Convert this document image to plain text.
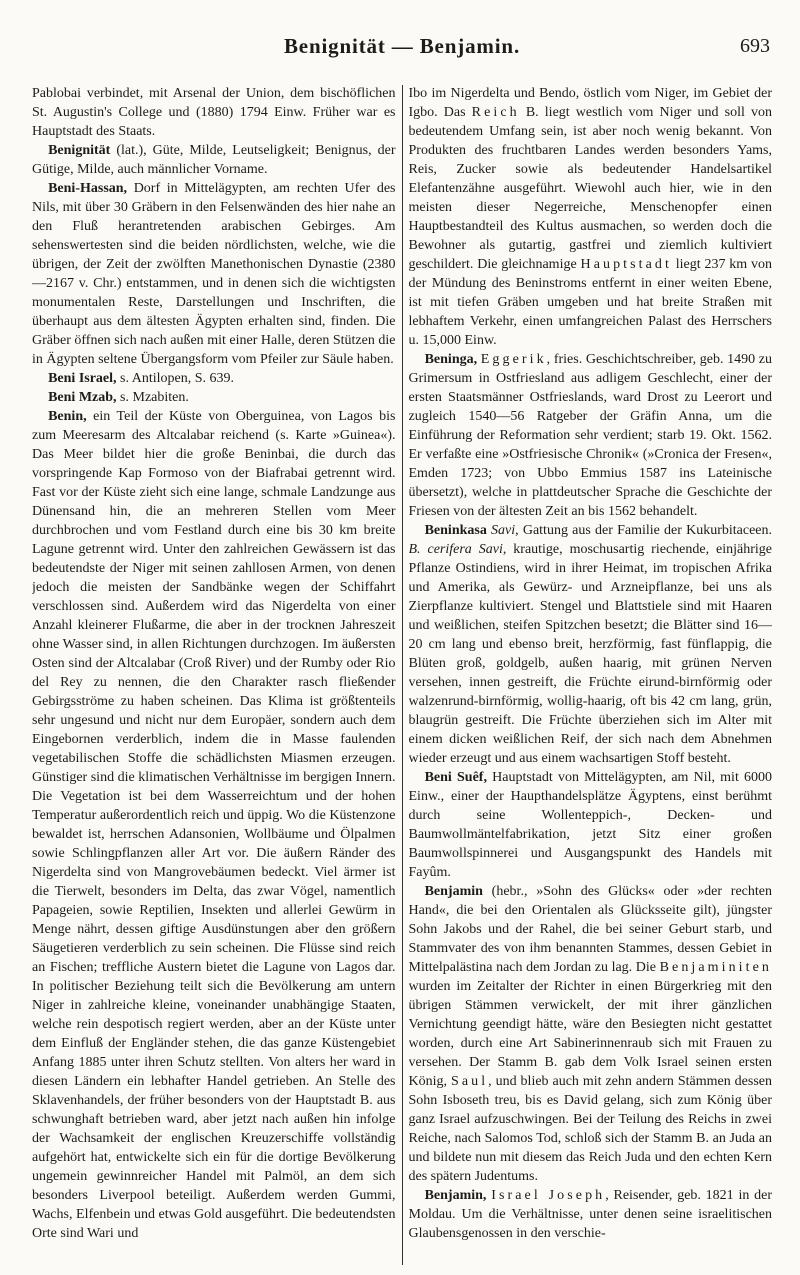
Benignität — Benjamin.	693

Pablobai verbindet, mit Arsenal der Union, dem bischöflichen St. Augustin's College und (1880) 1794 Einw. Früher war es Hauptstadt des Staats.

Benignität (lat.), Güte, Milde, Leutseligkeit; Benignus, der Gütige, Milde, auch männlicher Vorname.

Beni-Hassan, Dorf in Mittelägypten, am rechten Ufer des Nils, mit über 30 Gräbern in den Felsenwänden des hier nahe an den Fluß herantretenden arabischen Gebirges. Am sehenswertesten sind die beiden nördlichsten, welche, wie die übrigen, der Zeit der zwölften Manethonischen Dynastie (2380—2167 v. Chr.) entstammen, und in denen sich die wichtigsten monumentalen Reste, Darstellungen und Inschriften, die überhaupt aus dem ältesten Ägypten erhalten sind, finden. Die Gräber öffnen sich nach außen mit einer Halle, deren Stützen die in Ägypten seltene Übergangsform vom Pfeiler zur Säule haben.

Beni Israel, s. Antilopen, S. 639.

Beni Mzab, s. Mzabiten.

Benin, ein Teil der Küste von Oberguinea, von Lagos bis zum Meeresarm des Altcalabar reichend (s. Karte »Guinea«). Das Meer bildet hier die große Beninbai, die durch das vorspringende Kap Formoso von der Biafrabai getrennt wird. Fast vor der Küste zieht sich eine lange, schmale Landzunge aus Dünensand hin, die an mehreren Stellen vom Meer durchbrochen und vom Festland durch eine bis 30 km breite Lagune getrennt wird. Unter den zahlreichen Gewässern ist das bedeutendste der Niger mit seinen zahllosen Armen, von denen jedoch die meisten der Sandbänke wegen der Schiffahrt verschlossen sind. Außerdem wird das Nigerdelta von einer Anzahl kleinerer Flußarme, die aber in der trocknen Jahreszeit ohne Wasser sind, in allen Richtungen durchzogen. Im äußersten Osten sind der Altcalabar (Croß River) und der Rumby oder Rio del Rey zu nennen, die den Charakter rasch fließender Gebirgsströme zu haben scheinen. Das Klima ist größtenteils sehr ungesund und nicht nur dem Europäer, sondern auch dem Eingebornen verderblich, indem die in Masse faulenden vegetabilischen Stoffe die schädlichsten Miasmen erzeugen. Günstiger sind die klimatischen Verhältnisse im bergigen Innern. Die Vegetation ist bei dem Wasserreichtum und der hohen Temperatur außerordentlich reich und üppig. Wo die Küstenzone bewaldet ist, herrschen Adansonien, Wollbäume und Ölpalmen sowie Schlingpflanzen aller Art vor. Die äußern Ränder des Nigerdelta sind von Mangrovebäumen bedeckt. Viel ärmer ist die Tierwelt, besonders im Delta, das zwar Vögel, namentlich Papageien, sowie Reptilien, Insekten und allerlei Gewürm in Menge nährt, dessen giftige Ausdünstungen aber den größern Säugetieren verderblich zu sein scheinen. Die Flüsse sind reich an Fischen; treffliche Austern bietet die Lagune von Lagos dar. In politischer Beziehung teilt sich die Bevölkerung am untern Niger in zahlreiche kleine, voneinander unabhängige Staaten, welche rein despotisch regiert werden, aber an der Küste unter dem Einfluß der Engländer stehen, die das ganze Küstengebiet Anfang 1885 unter ihren Schutz stellten. Von alters her ward in diesen Ländern ein lebhafter Handel getrieben. An Stelle des Sklavenhandels, der früher besonders von der Hauptstadt B. aus schwunghaft betrieben ward, aber jetzt nach außen hin infolge der Wachsamkeit der englischen Kreuzerschiffe vollständig aufgehört hat, entwickelte sich ein für die dortige Bevölkerung ungemein gewinnreicher Handel mit Palmöl, an dem sich besonders Liverpool beteiligt. Außerdem werden Gummi, Wachs, Elfenbein und etwas Gold ausgeführt. Die bedeutendsten Orte sind Wari und

Ibo im Nigerdelta und Bendo, östlich vom Niger, im Gebiet der Igbo. Das Reich B. liegt westlich vom Niger und soll von bedeutendem Umfang sein, ist aber noch wenig bekannt. Von Produkten des fruchtbaren Landes werden besonders Yams, Reis, Zucker sowie als bedeutender Handelsartikel Elefantenzähne ausgeführt. Wiewohl auch hier, wie in den meisten dieser Negerreiche, Menschenopfer einen Hauptbestandteil des Kultus ausmachen, so werden doch die Bewohner als gutartig, gastfrei und ziemlich kultiviert geschildert. Die gleichnamige Hauptstadt liegt 237 km von der Mündung des Beninstroms entfernt in einer weiten Ebene, ist mit tiefen Gräben umgeben und hat breite Straßen mit lebhaftem Verkehr, einen umfangreichen Palast des Herrschers u. 15,000 Einw.

Beninga, Eggerik, fries. Geschichtschreiber, geb. 1490 zu Grimersum in Ostfriesland aus adligem Geschlecht, einer der ersten Staatsmänner Ostfrieslands, ward Drost zu Leerort und zugleich 1540—56 Ratgeber der Gräfin Anna, um die Einführung der Reformation sehr verdient; starb 19. Okt. 1562. Er verfaßte eine »Ostfriesische Chronik« (»Cronica der Fresen«, Emden 1723; von Ubbo Emmius 1587 ins Lateinische übersetzt), welche in plattdeutscher Sprache die Geschichte der Friesen von der ältesten Zeit an bis 1562 behandelt.

Beninkasa Savi, Gattung aus der Familie der Kukurbitaceen. B. cerifera Savi, krautige, moschusartig riechende, einjährige Pflanze Ostindiens, wird in ihrer Heimat, im tropischen Afrika und Amerika, als Gewürz- und Arzneipflanze, bei uns als Zierpflanze kultiviert. Stengel und Blattstiele sind mit Haaren und weißlichen, steifen Spitzchen besetzt; die Blätter sind 16—20 cm lang und ebenso breit, herzförmig, fast fünflappig, die Blüten groß, goldgelb, außen haarig, mit grünen Nerven versehen, innen gestreift, die Früchte eirund-birnförmig oder walzenrund-birnförmig, wollig-haarig, oft bis 42 cm lang, grün, blaugrün gestreift. Die Früchte überziehen sich im Alter mit einem dicken weißlichen Reif, der sich nach dem Abnehmen wieder erzeugt und aus einem wachsartigen Stoff besteht.

Beni Suêf, Hauptstadt von Mittelägypten, am Nil, mit 6000 Einw., einer der Haupthandelsplätze Ägyptens, einst berühmt durch seine Wollenteppich-, Decken- und Baumwollmäntelfabrikation, jetzt Sitz einer großen Baumwollspinnerei und Ausgangspunkt des Handels mit Fayûm.

Benjamin (hebr., »Sohn des Glücks« oder »der rechten Hand«, die bei den Orientalen als Glücksseite gilt), jüngster Sohn Jakobs und der Rahel, die bei seiner Geburt starb, und Stammvater des von ihm benannten Stammes, dessen Gebiet in Mittelpalästina nach dem Jordan zu lag. Die Benjaminiten wurden im Zeitalter der Richter in einen Bürgerkrieg mit den übrigen Stämmen verwickelt, der mit ihrer gänzlichen Vernichtung geendigt hätte, wäre den Besiegten nicht gestattet worden, durch eine Art Sabinerinnenraub sich mit Frauen zu versehen. Der Stamm B. gab dem Volk Israel seinen ersten König, Saul, und blieb auch mit zehn andern Stämmen dessen Sohn Isboseth treu, bis es David gelang, sich zum König über ganz Israel aufzuschwingen. Bei der Teilung des Reichs in zwei Reiche, nach Salomos Tod, schloß sich der Stamm B. an Juda an und bildete nun mit diesem das Reich Juda und den echten Kern des spätern Judentums.

Benjamin, Israel Joseph, Reisender, geb. 1821 in der Moldau. Um die Verhältnisse, unter denen seine israelitischen Glaubensgenossen in den verschie-
